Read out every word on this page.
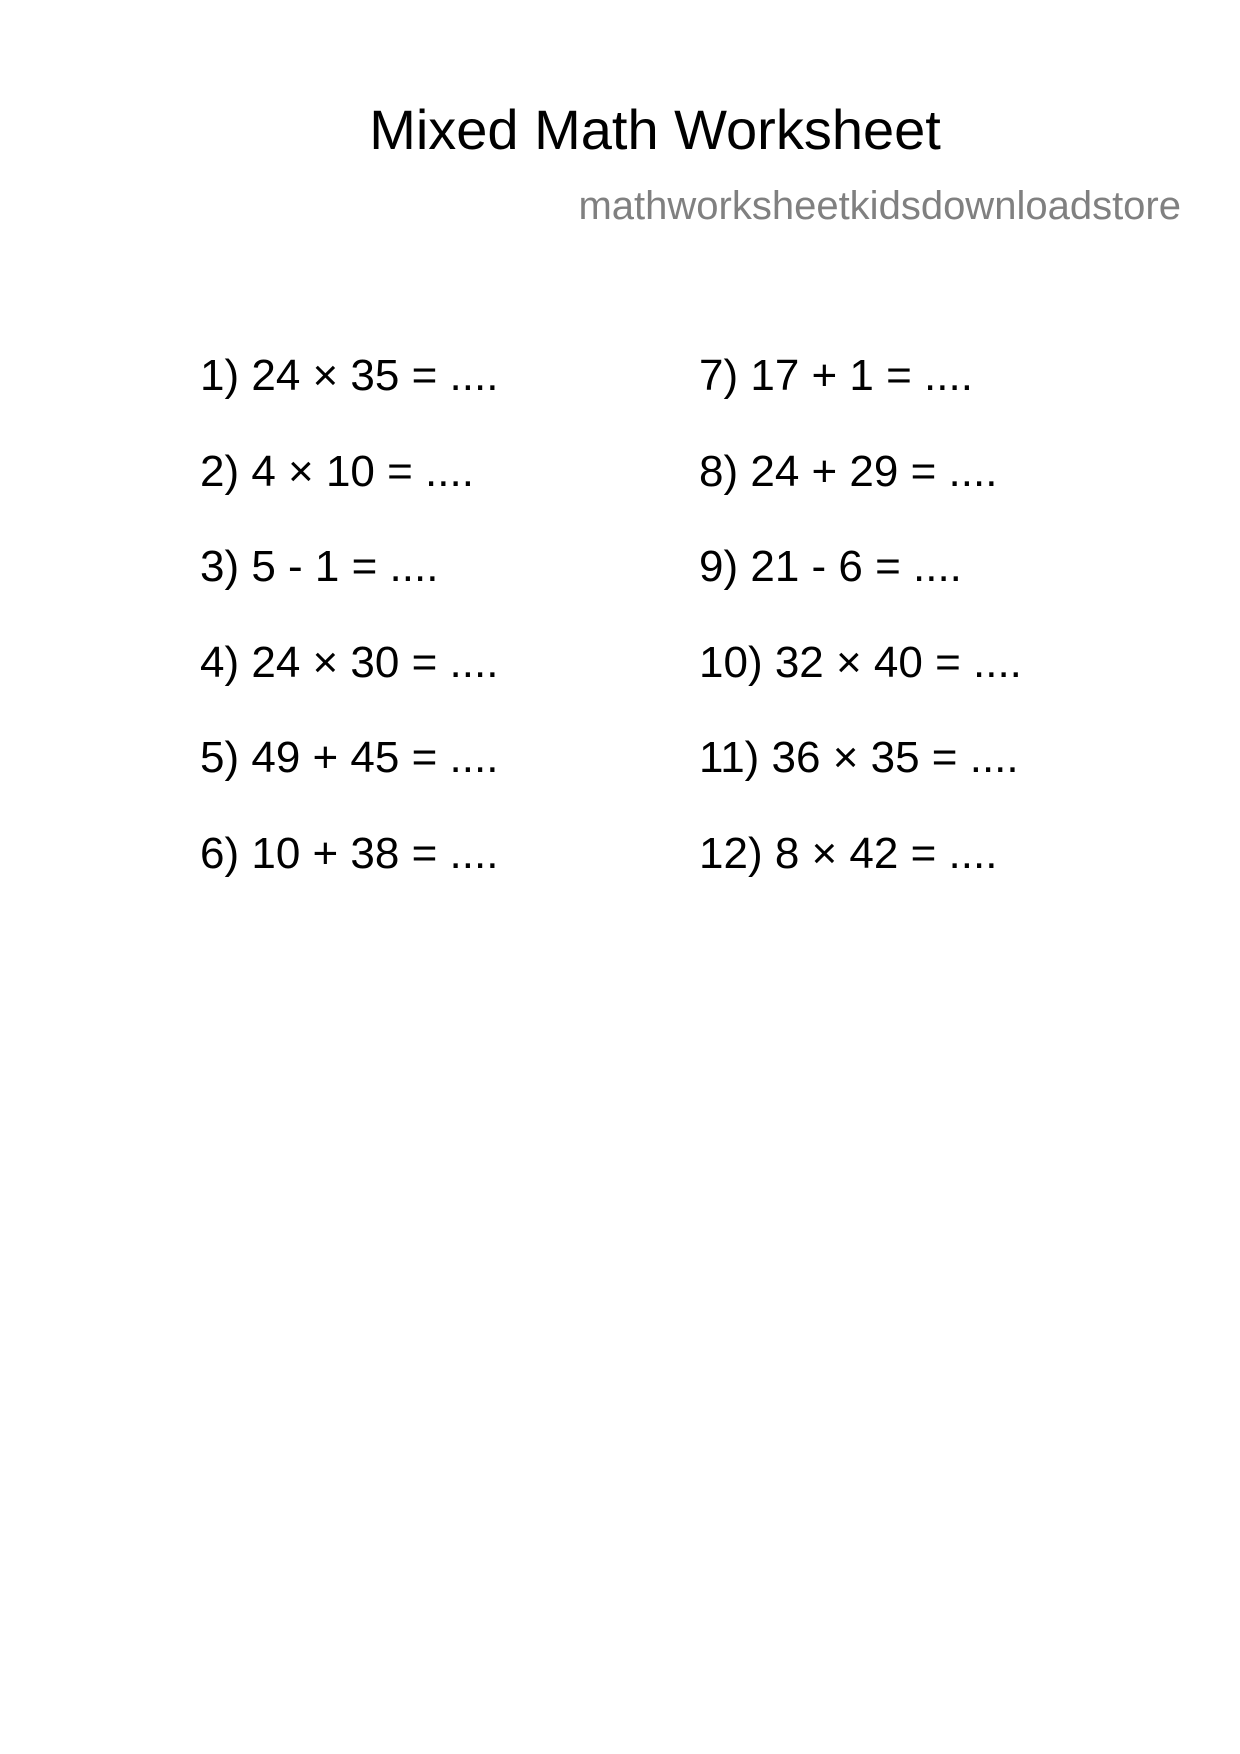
Mixed Math Worksheet
mathworksheetkidsdownloadstore
1) 24 × 35 = ....
2) 4 × 10 = ....
3) 5 - 1 = ....
4) 24 × 30 = ....
5) 49 + 45 = ....
6) 10 + 38 = ....
7) 17 + 1 = ....
8) 24 + 29 = ....
9) 21 - 6 = ....
10) 32 × 40 = ....
11) 36 × 35 = ....
12) 8 × 42 = ....
